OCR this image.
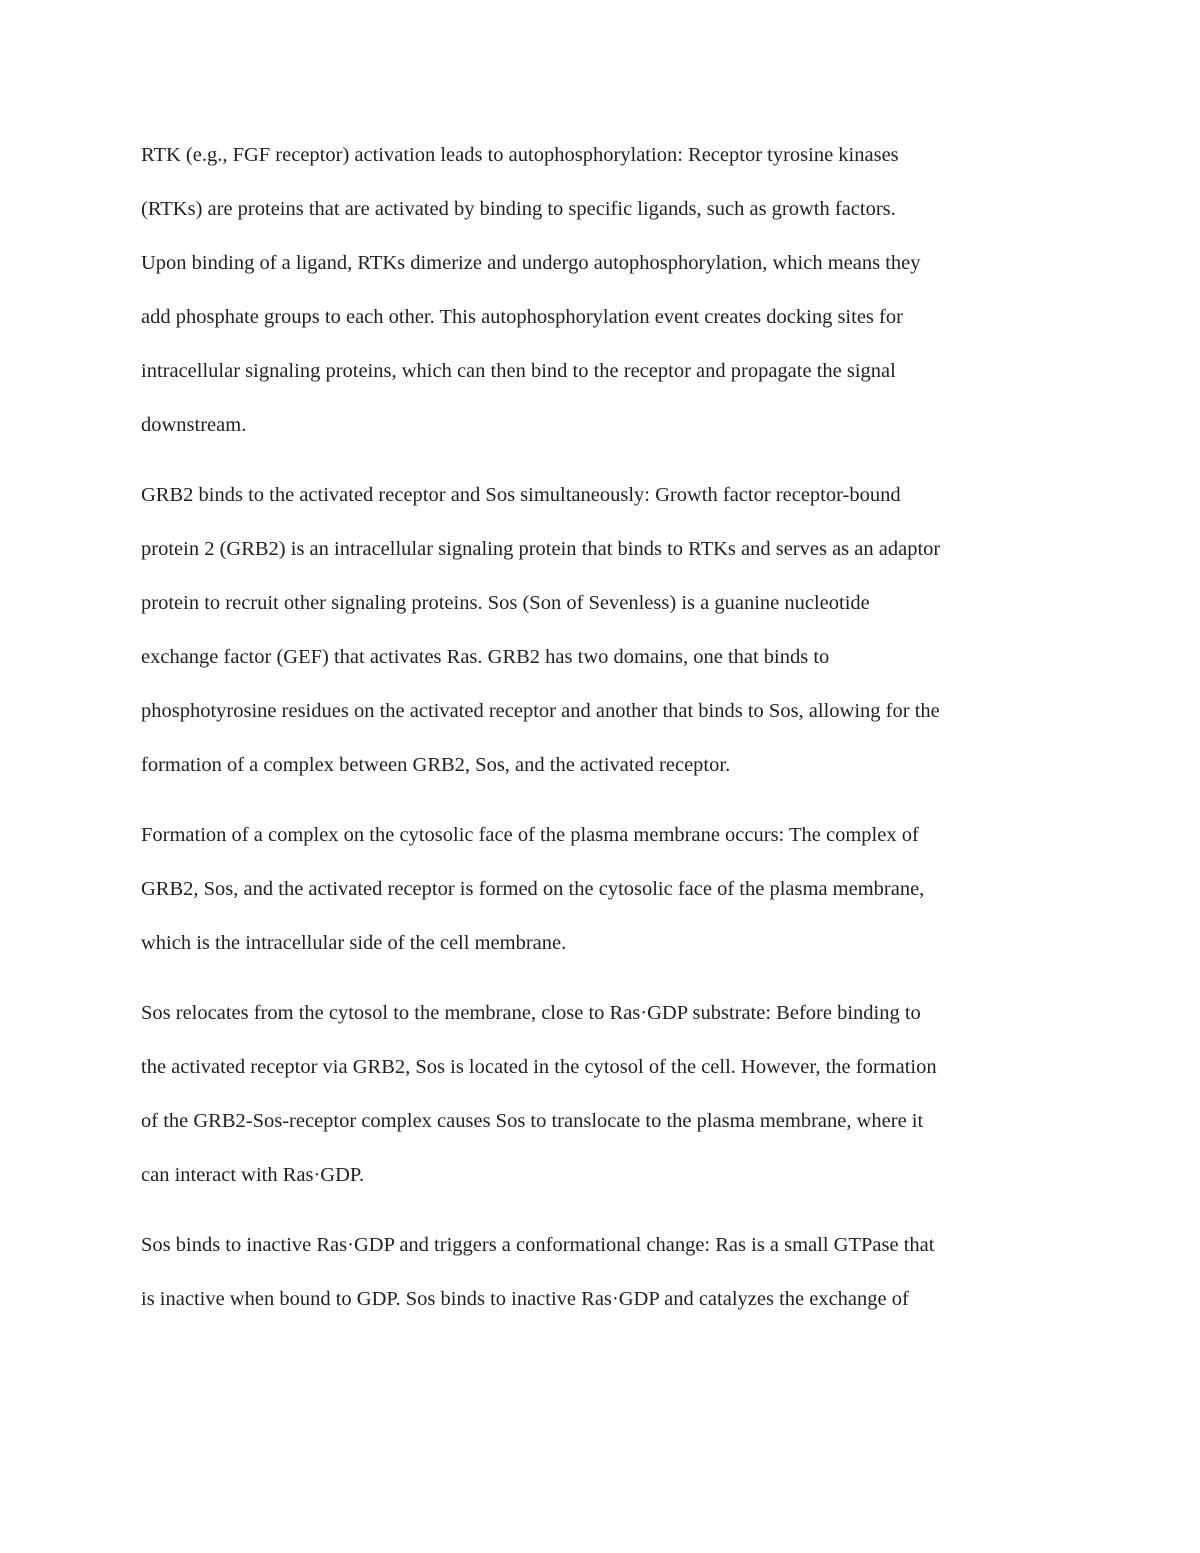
RTK (e.g., FGF receptor) activation leads to autophosphorylation: Receptor tyrosine kinases
(RTKs) are proteins that are activated by binding to specific ligands, such as growth factors.
Upon binding of a ligand, RTKs dimerize and undergo autophosphorylation, which means they
add phosphate groups to each other. This autophosphorylation event creates docking sites for
intracellular signaling proteins, which can then bind to the receptor and propagate the signal
downstream.

GRB2 binds to the activated receptor and Sos simultaneously: Growth factor receptor-bound
protein 2 (GRB2) is an intracellular signaling protein that binds to RTKs and serves as an adaptor
protein to recruit other signaling proteins. Sos (Son of Sevenless) is a guanine nucleotide
exchange factor (GEF) that activates Ras. GRB2 has two domains, one that binds to
phosphotyrosine residues on the activated receptor and another that binds to Sos, allowing for the
formation of a complex between GRB2, Sos, and the activated receptor.

Formation of a complex on the cytosolic face of the plasma membrane occurs: The complex of
GRB2, Sos, and the activated receptor is formed on the cytosolic face of the plasma membrane,
which is the intracellular side of the cell membrane.

Sos relocates from the cytosol to the membrane, close to Ras·GDP substrate: Before binding to
the activated receptor via GRB2, Sos is located in the cytosol of the cell. However, the formation
of the GRB2-Sos-receptor complex causes Sos to translocate to the plasma membrane, where it
can interact with Ras·GDP.

Sos binds to inactive Ras·GDP and triggers a conformational change: Ras is a small GTPase that
is inactive when bound to GDP. Sos binds to inactive Ras·GDP and catalyzes the exchange of
